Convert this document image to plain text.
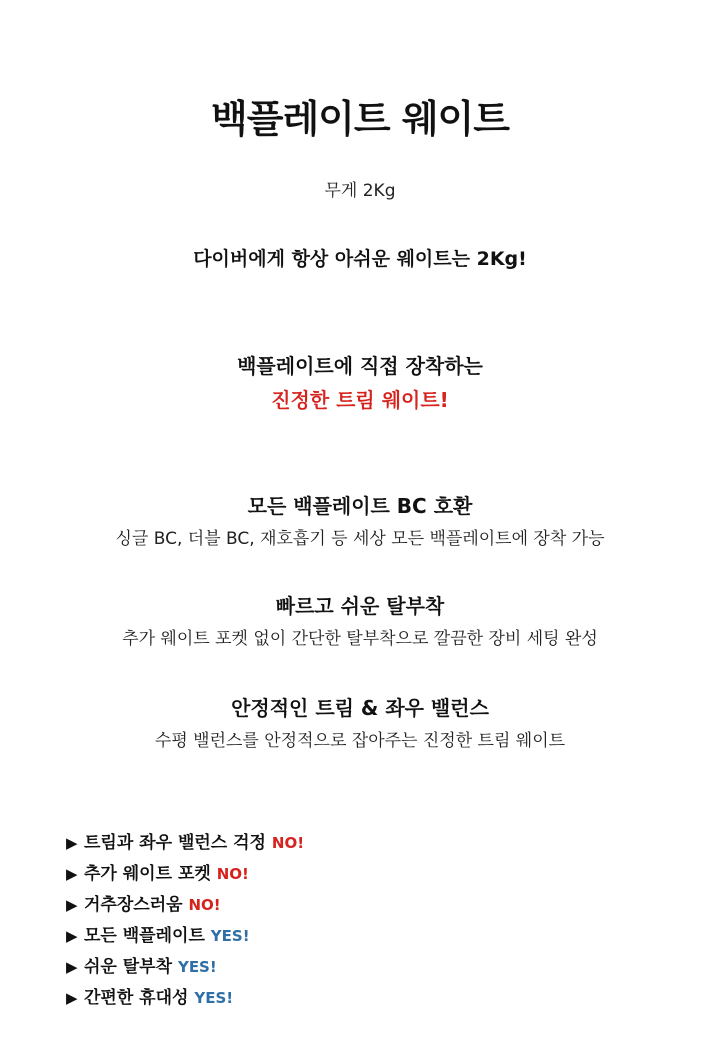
백플레이트 웨이트
무게 2Kg
다이버에게 항상 아쉬운 웨이트는 2Kg!
백플레이트에 직접 장착하는
진정한 트림 웨이트!
모든 백플레이트 BC 호환
싱글 BC, 더블 BC, 재호흡기 등 세상 모든 백플레이트에 장착 가능
빠르고 쉬운 탈부착
추가 웨이트 포켓 없이 간단한 탈부착으로 깔끔한 장비 세팅 완성
안정적인 트림 & 좌우 밸런스
수평 밸런스를 안정적으로 잡아주는 진정한 트림 웨이트
▶ 트림과 좌우 밸런스 걱정 NO!
▶ 추가 웨이트 포켓 NO!
▶ 거추장스러움 NO!
▶ 모든 백플레이트 YES!
▶ 쉬운 탈부착 YES!
▶ 간편한 휴대성 YES!
